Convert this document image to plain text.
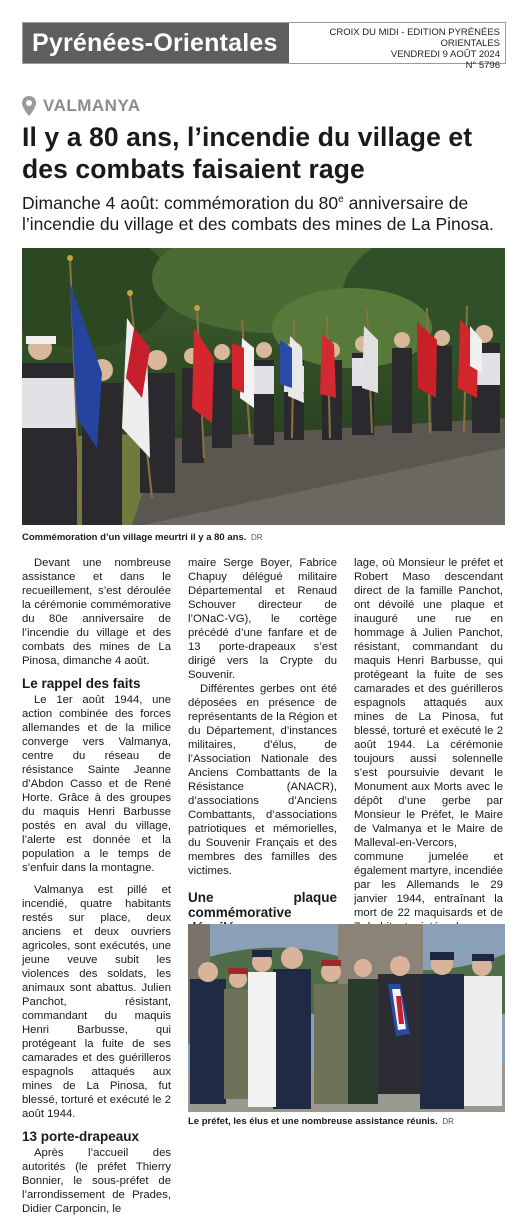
Pyrénées-Orientales	CROIX DU MIDI - EDITION PYRÉNÉES ORIENTALES
VENDREDI 9 AOÛT 2024
N° 5796
VALMANYA
Il y a 80 ans, l’incendie du village et des combats faisaient rage

Dimanche 4 août: commémoration du 80e anniversaire de l’incendie du village et des combats des mines de La Pinosa.

Commémoration d’un village meurtri il y a 80 ans. DR

Devant une nombreuse assistance et dans le recueillement, s’est déroulée la cérémonie commémorative du 80e anniversaire de l’incendie du village et des combats des mines de La Pinosa, dimanche 4 août.

Le rappel des faits

Le 1er août 1944, une action combinée des forces allemandes et de la milice converge vers Valmanya, centre du réseau de résistance Sainte Jeanne d’Abdon Casso et de René Horte. Grâce à des groupes du maquis Henri Barbusse postés en aval du village, l’alerte est donnée et la population a le temps de s’enfuir dans la montagne.

Valmanya est pillé et incendié, quatre habitants restés sur place, deux anciens et deux ouvriers agricoles, sont exécutés, une jeune veuve subit les violences des soldats, les animaux sont abattus. Julien Panchot, résistant, commandant du maquis Henri Barbusse, qui protégeant la fuite de ses camarades et des guérilleros espagnols attaqués aux mines de La Pinosa, fut blessé, torturé et exécuté le 2 août 1944.

13 porte-drapeaux

Après l’accueil des autorités (le préfet Thierry Bonnier, le sous-préfet de l’arrondissement de Prades, Didier Carponcin, le

maire Serge Boyer, Fabrice Chapuy délégué militaire Départemental et Renaud Schouver directeur de l’ONaC-VG), le cortège précédé d’une fanfare et de 13 porte-drapeaux s’est dirigé vers la Crypte du Souvenir.

Différentes gerbes ont été déposées en présence de représentants de la Région et du Département, d’instances militaires, d’élus, de l’Association Nationale des Anciens Combattants de la Résistance (ANACR), d’associations d’Anciens Combattants, d’associations patriotiques et mémorielles, du Souvenir Français et des membres des familles des victimes.

Une plaque commémorative

lage, où Monsieur le préfet et Robert Maso descendant direct de la famille Panchot, ont dévoilé une plaque et inauguré une rue en hommage à Julien Panchot, résistant, commandant du maquis Henri Barbusse, qui protégeant la fuite de ses camarades et des guérilleros espagnols attaqués aux mines de La Pinosa, fut blessé, torturé et exécuté le 2 août 1944. La cérémonie toujours aussi solennelle s’est poursuivie devant le Monument aux Morts avec le dépôt d’une gerbe par Monsieur le Préfet, le Maire de Valmanya et le Maire de Malleval-en-Vercors, commune jumelée et également martyre, incendiée par les Allemands le 29 janvier 1944, entraînant la mort de 22 maquisards et de

Le préfet, les élus et une nombreuse assistance réunis. DR
